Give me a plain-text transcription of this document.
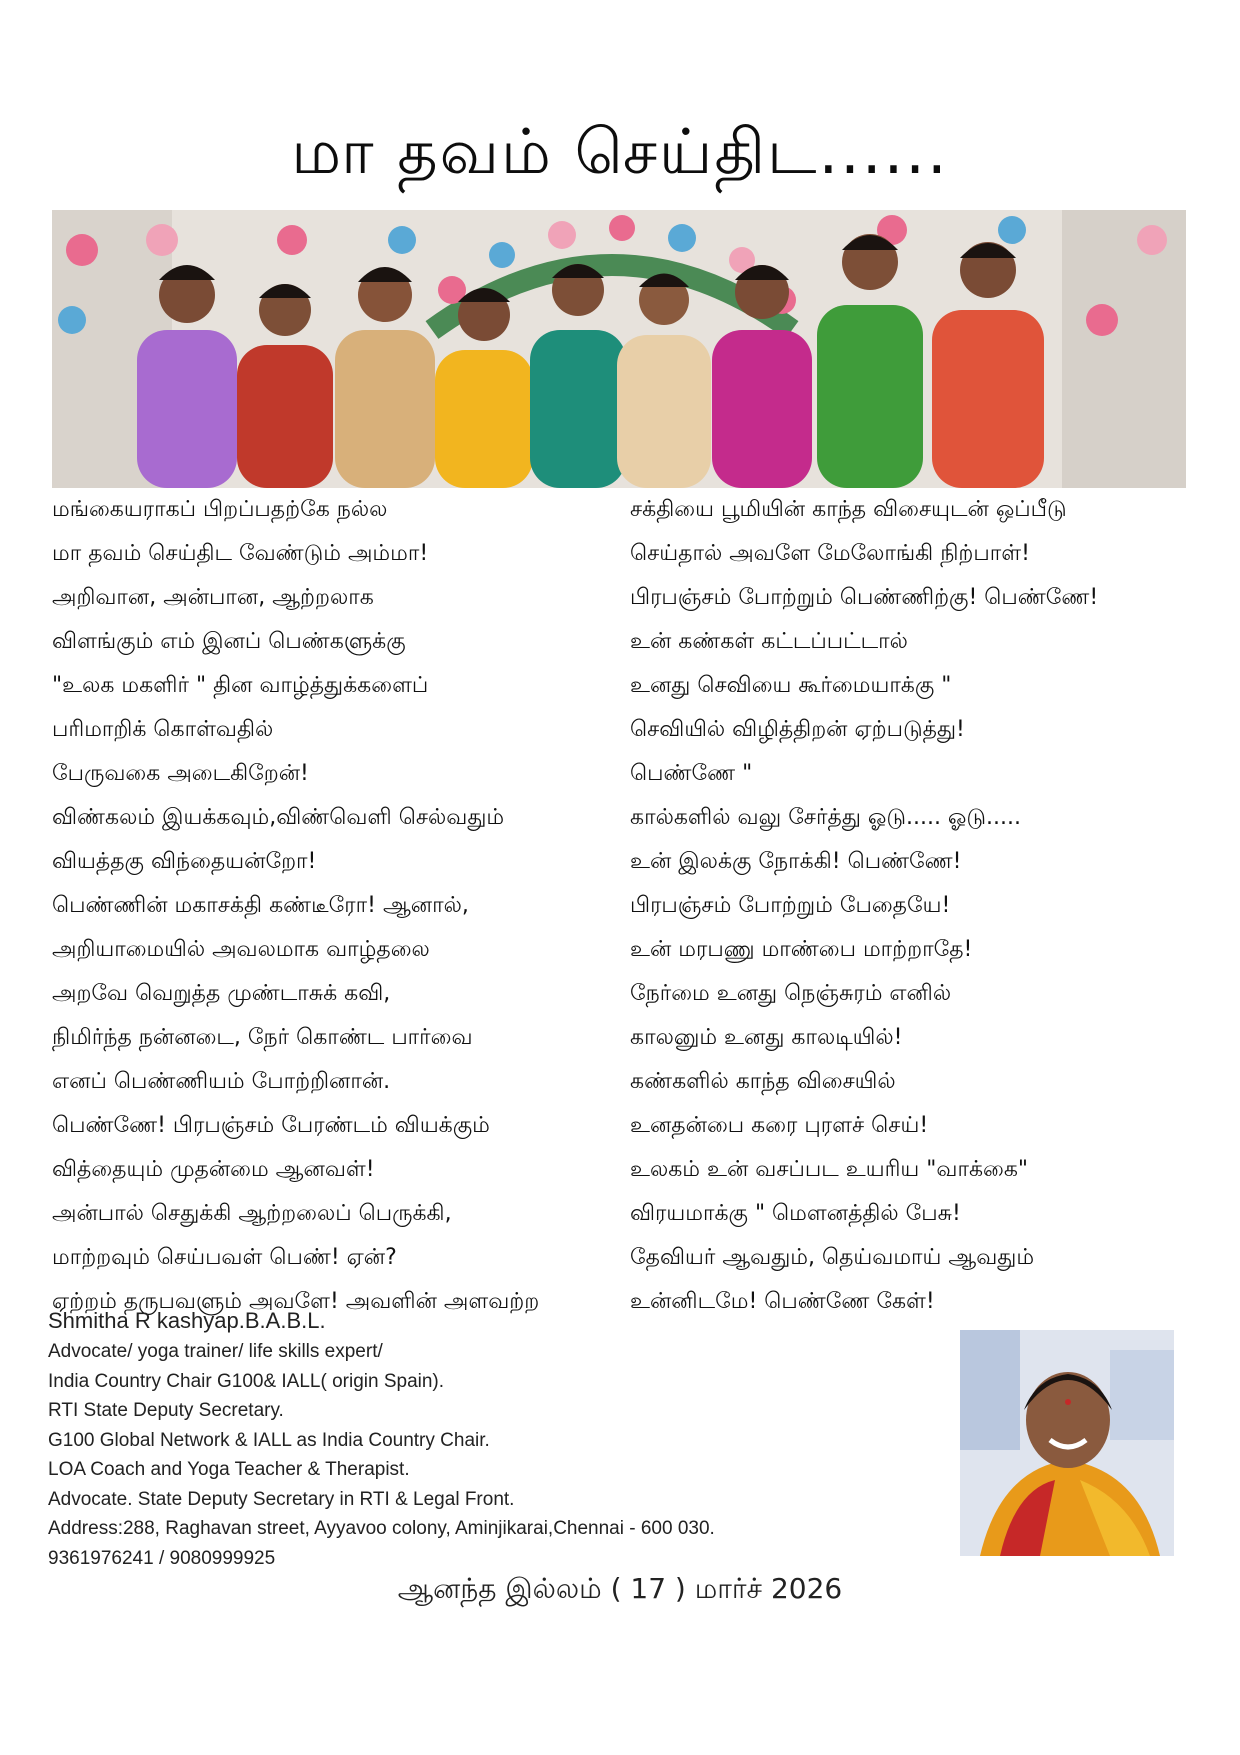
மா தவம் செய்திட......
மங்கையராகப் பிறப்பதற்கே நல்ல
மா தவம் செய்திட வேண்டும் அம்மா!
அறிவான, அன்பான, ஆற்றலாக
விளங்கும் எம் இனப் பெண்களுக்கு
"உலக மகளிர் " தின வாழ்த்துக்களைப்
பரிமாறிக் கொள்வதில்
பேருவகை அடைகிறேன்!
விண்கலம் இயக்கவும்,விண்வெளி செல்வதும்
வியத்தகு விந்தையன்றோ!
பெண்ணின் மகாசக்தி கண்டீரோ! ஆனால்,
அறியாமையில் அவலமாக வாழ்தலை
அறவே வெறுத்த முண்டாசுக் கவி,
நிமிர்ந்த நன்னடை, நேர் கொண்ட பார்வை
எனப் பெண்ணியம் போற்றினான்.
பெண்ணே! பிரபஞ்சம் பேரண்டம் வியக்கும்
வித்தையும் முதன்மை ஆனவள்!
அன்பால் செதுக்கி ஆற்றலைப் பெருக்கி,
மாற்றவும் செய்பவள் பெண்! ஏன்?
ஏற்றம் தருபவளும் அவளே! அவளின் அளவற்ற
சக்தியை பூமியின் காந்த விசையுடன் ஒப்பீடு
செய்தால் அவளே மேலோங்கி நிற்பாள்!
பிரபஞ்சம் போற்றும் பெண்ணிற்கு! பெண்ணே!
உன் கண்கள் கட்டப்பட்டால்
உனது செவியை கூர்மையாக்கு "
செவியில் விழித்திறன் ஏற்படுத்து!
பெண்ணே "
கால்களில் வலு சேர்த்து ஓடு..... ஓடு.....
உன் இலக்கு நோக்கி! பெண்ணே!
பிரபஞ்சம் போற்றும் பேதையே!
உன் மரபணு மாண்பை மாற்றாதே!
நேர்மை உனது நெஞ்சுரம் எனில்
காலனும் உனது காலடியில்!
கண்களில் காந்த விசையில்
உனதன்பை கரை புரளச் செய்!
உலகம் உன் வசப்பட உயரிய "வாக்கை"
விரயமாக்கு " மௌனத்தில் பேசு!
தேவியர் ஆவதும், தெய்வமாய் ஆவதும்
உன்னிடமே! பெண்ணே கேள்!
Shmitha R kashyap.B.A.B.L.
Advocate/ yoga trainer/ life skills expert/
India Country Chair G100& IALL( origin Spain).
RTI State Deputy Secretary.
G100 Global Network & IALL as India Country Chair.
LOA Coach and Yoga Teacher & Therapist.
Advocate. State Deputy Secretary in RTI & Legal Front.
Address:288, Raghavan street, Ayyavoo colony, Aminjikarai,Chennai - 600 030.
9361976241 / 9080999925
ஆனந்த இல்லம் ( 17 ) மார்ச் 2026
